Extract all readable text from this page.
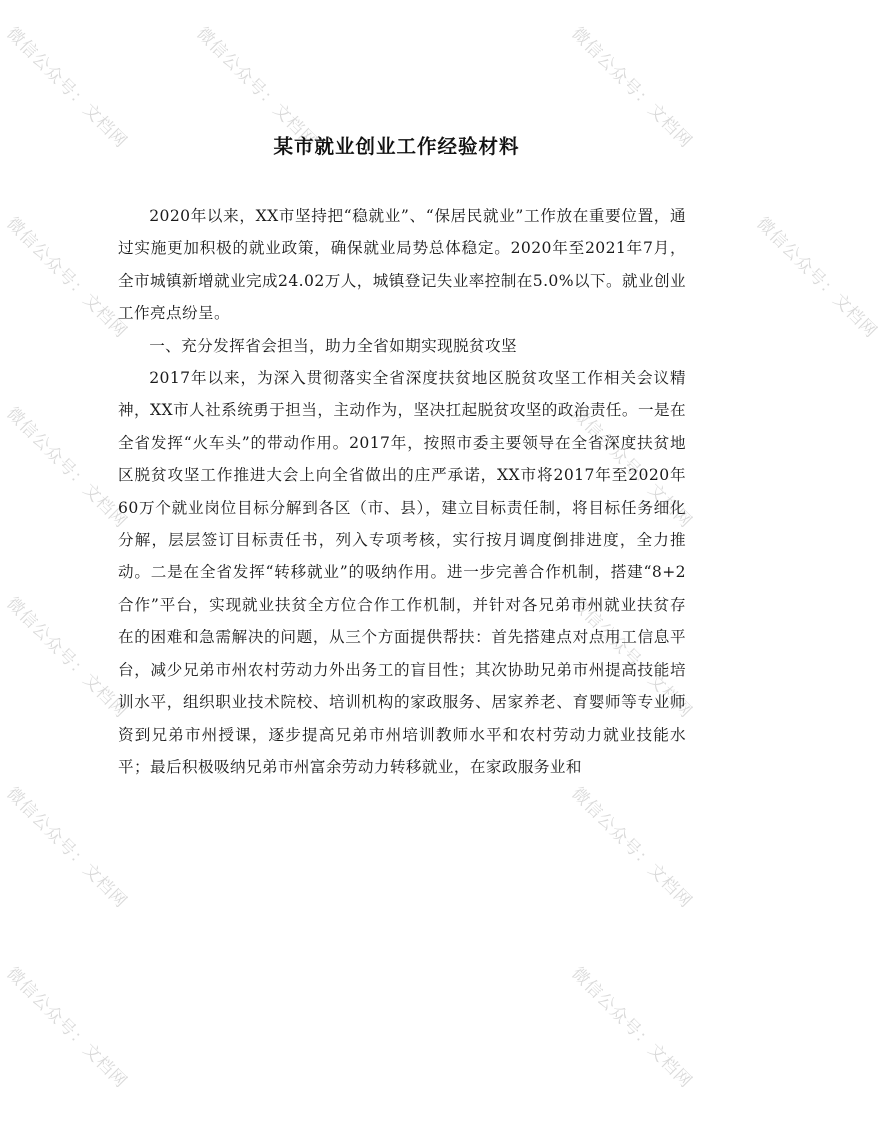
微信公众号：文档网	微信公众号：文档网	微信公众号：文档网
微信公众号：文档网	微信公众号：文档网
微信公众号：文档网	微信公众号：文档网
微信公众号：文档网	微信公众号：文档网
微信公众号：文档网	微信公众号：文档网
微信公众号：文档网	微信公众号：文档网
某市就业创业工作经验材料

2020年以来，XX市坚持把“稳就业”、“保居民就业”工作放在重要位置，通过实施更加积极的就业政策，确保就业局势总体稳定。2020年至2021年7月，全市城镇新增就业完成24.02万人，城镇登记失业率控制在5.0%以下。就业创业工作亮点纷呈。

一、充分发挥省会担当，助力全省如期实现脱贫攻坚

2017年以来，为深入贯彻落实全省深度扶贫地区脱贫攻坚工作相关会议精神，XX市人社系统勇于担当，主动作为，坚决扛起脱贫攻坚的政治责任。一是在全省发挥“火车头”的带动作用。2017年，按照市委主要领导在全省深度扶贫地区脱贫攻坚工作推进大会上向全省做出的庄严承诺，XX市将2017年至2020年60万个就业岗位目标分解到各区（市、县），建立目标责任制，将目标任务细化分解，层层签订目标责任书，列入专项考核，实行按月调度倒排进度，全力推动。二是在全省发挥“转移就业”的吸纳作用。进一步完善合作机制，搭建“8+2合作”平台，实现就业扶贫全方位合作工作机制，并针对各兄弟市州就业扶贫存在的困难和急需解决的问题，从三个方面提供帮扶：首先搭建点对点用工信息平台，减少兄弟市州农村劳动力外出务工的盲目性；其次协助兄弟市州提高技能培训水平，组织职业技术院校、培训机构的家政服务、居家养老、育婴师等专业师资到兄弟市州授课，逐步提高兄弟市州培训教师水平和农村劳动力就业技能水平；最后积极吸纳兄弟市州富余劳动力转移就业，在家政服务业和
